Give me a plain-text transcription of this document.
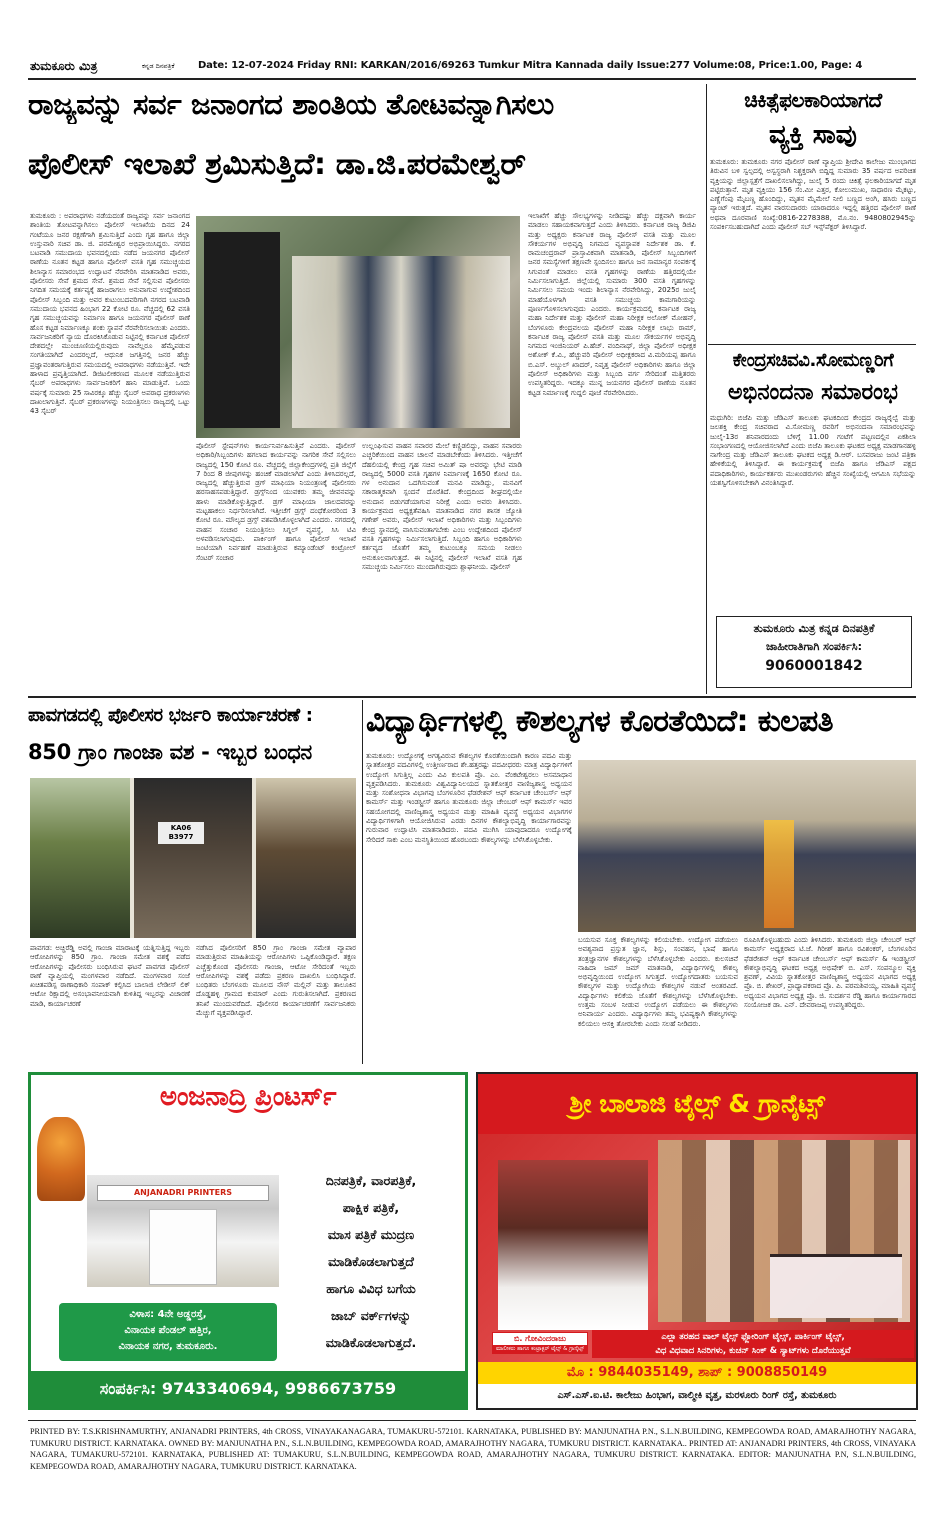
ತುಮಕೂರು ಮಿತ್ರ	ಕನ್ನಡ ದಿನಪತ್ರಿಕೆ Date: 12-07-2024 Friday RNI: KARKAN/2016/69263 Tumkur Mitra Kannada daily Issue:277 Volume:08, Price:1.00, Page: 4
ರಾಜ್ಯವನ್ನು ಸರ್ವ ಜನಾಂಗದ ಶಾಂತಿಯ ತೋಟವನ್ನಾಗಿಸಲು
ಪೊಲೀಸ್ ಇಲಾಖೆ ಶ್ರಮಿಸುತ್ತಿದೆ: ಡಾ.ಜಿ.ಪರಮೇಶ್ವರ್
ತುಮಕೂರು : ಅಪರಾಧಗಳು ನಡೆಯದಂತೆ ರಾಜ್ಯವನ್ನು ಸರ್ವ ಜನಾಂಗದ ಶಾಂತಿಯ ತೋಟವನ್ನಾಗಿಸಲು ಪೊಲೀಸ್ ಇಲಾಖೆಯ ದಿನದ 24 ಗಂಟೆಯೂ ಜನರ ರಕ್ಷಣೆಗಾಗಿ ಶ್ರಮಿಸುತ್ತಿದೆ ಎಂದು ಗೃಹ ಹಾಗೂ ಜಿಲ್ಲಾ ಉಸ್ತುವಾರಿ ಸಚಿವ ಡಾ. ಜಿ. ಪರಮೇಶ್ವರ ಅಭಿಪ್ರಾಯಿಸಿದ್ದರು. ನಗರದ ಬಟವಾಡಿ ಸಮುದಾಯ ಭವನದಲ್ಲಿಂದು ನಡೆದ ಜಯನಗರ ಪೊಲೀಸ್ ಠಾಣೆಯ ನೂತನ ಕಟ್ಟಡ ಹಾಗೂ ಪೊಲೀಸ್ ವಸತಿ ಗೃಹ ಸಮುಚ್ಚಯದ ಶಿಲಾನ್ಯಾಸ ಸಮಾರಂಭದ ಉದ್ಘಾಟನೆ ನೆರವೇರಿಸಿ ಮಾತನಾಡಿದ ಅವರು, ಪೊಲೀಸರು ಸೇವೆ ಶ್ರಮದ ಸೇವೆ. ಶ್ರಮದ ಸೇವೆ ಸಲ್ಲಿಸುವ ಪೊಲೀಸರು ನಿಗದಿತ ಸಮಯಕ್ಕೆ ಕರ್ತವ್ಯಕ್ಕೆ ಹಾಜರಾಗಲು ಅನುವಾಗುವ ಉದ್ದೇಶದಿಂದ ಪೊಲೀಸ್ ಸಿಬ್ಬಂದಿ ಮತ್ತು ಅವರ ಕುಟುಂಬದವರಿಗಾಗಿ ನಗರದ ಬಟವಾಡಿ ಸಮುದಾಯ ಭವನದ ಹಿಂಭಾಗ 22 ಕೋಟಿ ರೂ. ವೆಚ್ಚದಲ್ಲಿ 62 ವಸತಿ ಗೃಹ ಸಮುಚ್ಚಯವನ್ನು ನಿರ್ಮಾಣ ಹಾಗೂ ಜಯನಗರ ಪೊಲೀಸ್ ಠಾಣೆ ಹೊಸ ಕಟ್ಟಡ ನಿರ್ಮಾಣಕ್ಕೂ ಶಂಕು ಸ್ಥಾಪನೆ ನೆರವೇರಿಸಲಾಯಿತು ಎಂದರು. ಸಾರ್ವಜನಿಕರಿಗೆ ನ್ಯಾಯ ದೊರಕಿಸಿಕೊಡುವ ನಿಟ್ಟಿನಲ್ಲಿ ಕರ್ನಾಟಕ ಪೊಲೀಸ್ ದೇಶದಲ್ಲೇ ಮುಂಚೂಣಿಯಲ್ಲಿರುವುದು ನಾವೆಲ್ಲರೂ ಹೆಮ್ಮೆಪಡುವ ಸಂಗತಿಯಾಗಿದೆ ಎಂದರಲ್ಲದೆ, ಆಧುನಿಕ ಜಗತ್ತಿನಲ್ಲಿ ಜನರ ಹೆಚ್ಚು ಪ್ರಜ್ಞಾವಂತರಾಗುತ್ತಿರುವ ಸಮಯದಲ್ಲಿ ಅಪರಾಧಗಳು ನಡೆಯುತ್ತಿವೆ. ಇದೇ ಹಾಳಾದ ಪ್ರವೃತ್ತಿಯಾಗಿದೆ. ಡಿಜಿಟಲೀಕರಣದ ಮೂಲಕ ನಡೆಯುತ್ತಿರುವ ಸೈಬರ್ ಅಪರಾಧಗಳು ಸಾರ್ವಜನಿಕರಿಗೆ ಹಾನಿ ಮಾಡುತ್ತಿವೆ. ಒಂದು ವರ್ಷಕ್ಕೆ ಸುಮಾರು 25 ಸಾವಿರಕ್ಕೂ ಹೆಚ್ಚು ಸೈಬರ್ ಅಪರಾಧ ಪ್ರಕರಣಗಳು ದಾಖಲಾಗುತ್ತಿವೆ. ಸೈಬರ್ ಪ್ರಕರಣಗಳನ್ನು ನಿಯಂತ್ರಿಸಲು ರಾಜ್ಯದಲ್ಲಿ ಒಟ್ಟು 43 ಸೈಬರ್
ಪೊಲೀಸ್ ಸ್ಟೇಷನ್‌ಗಳು ಕಾರ್ಯನಿರ್ವಹಿಸುತ್ತಿವೆ ಎಂದರು. ಪೊಲೀಸ್ ಅಧಿಕಾರಿ/ಸಿಬ್ಬಂದಿಗಳು ಹಗಲಾದ ಕಾರ್ಯವನ್ನು ನಾಗರಿಕ ಸೇವೆ ಸಲ್ಲಿಸಲು ರಾಜ್ಯದಲ್ಲಿ 150 ಕೋಟಿ ರೂ. ವೆಚ್ಚದಲ್ಲಿ ಜಿಲ್ಲಾಕೇಂದ್ರಗಳಲ್ಲಿ ಪ್ರತಿ ಜಿಲ್ಲೆಗೆ 7 ರಿಂದ 8 ಜೀಪುಗಳನ್ನು ಹಂಚಿಕೆ ಮಾಡಲಾಗಿದೆ ಎಂದು ತಿಳಿಸಿದರಲ್ಲದೆ, ರಾಜ್ಯದಲ್ಲಿ ಹೆಚ್ಚುತ್ತಿರುವ ಡ್ರಗ್ ಮಾಫಿಯಾ ನಿಯಂತ್ರಣಕ್ಕೆ ಪೊಲೀಸರು ಹರಸಾಹಸಪಡುತ್ತಿದ್ದಾರೆ. ಡ್ರಗ್ಸ್‌ನಿಂದ ಯುವಕರು ತಮ್ಮ ಜೀವನವನ್ನು ಹಾಳು ಮಾಡಿಕೊಳ್ಳುತ್ತಿದ್ದಾರೆ. ಡ್ರಗ್ ಮಾಫಿಯಾ ಜಾಲದವರನ್ನು ಮಟ್ಟಹಾಕಲು ನಿರ್ಧರಿಸಲಾಗಿದೆ. ಇತ್ತೀಚೆಗೆ ಡ್ರಗ್ಸ್ ದಂಧೆಕೋರರಿಂದ 3 ಕೋಟಿ ರೂ. ಮೌಲ್ಯದ ಡ್ರಗ್ಸ್ ವಶಪಡಿಸಿಕೊಳ್ಳಲಾಗಿದೆ ಎಂದರು. ನಗರದಲ್ಲಿ ವಾಹನ ಸಂಚಾರ ನಿಯಂತ್ರಿಸಲು ಸಿಗ್ನಲ್ ವ್ಯವಸ್ಥೆ, ಸಿಸಿ ಟಿವಿ ಅಳವಡಿಸಲಾಗುವುದು. ಪಾರ್ಕಿಂಗ್ ಹಾಗೂ ಪೊಲೀಸ್ ಇಲಾಖೆ ಜಂಟಿಯಾಗಿ ನಿರ್ವಹಣೆ ಮಾಡುತ್ತಿರುವ ಕಮ್ಯಾಂಡೆಂಟ್ ಕಂಟ್ರೋಲ್ ಸೆಂಟರ್ ಸಂಚಾರ
ಉಲ್ಲಂಘಿಸುವ ವಾಹನ ಸವಾರರ ಮೇಲೆ ಕಣ್ಣಿಡಲಿದ್ದು, ವಾಹನ ಸವಾರರು ಎಚ್ಚರಿಕೆಯಿಂದ ವಾಹನ ಚಾಲನೆ ಮಾಡಬೇಕೆಂದು ತಿಳಿಸಿದರು. ಇತ್ತೀಚೆಗೆ ದೆಹಲಿಯಲ್ಲಿ ಕೇಂದ್ರ ಗೃಹ ಸಚಿವ ಅಮಿತ್ ಷಾ ಅವರನ್ನು ಭೇಟಿ ಮಾಡಿ ರಾಜ್ಯದಲ್ಲಿ 5000 ವಸತಿ ಗೃಹಗಳ ನಿರ್ಮಾಣಕ್ಕೆ 1650 ಕೋಟಿ ರೂ. ಗಳ ಅನುದಾನ ಒದಗಿಸುವಂತೆ ಮನವಿ ಮಾಡಿದ್ದು, ಮನವಿಗೆ ಸಕಾರಾತ್ಮಕವಾಗಿ ಸ್ಪಂದನೆ ದೊರೆತಿದೆ. ಕೇಂದ್ರದಿಂದ ಶೀಘ್ರದಲ್ಲಿಯೇ ಅನುದಾನ ಬಿಡುಗಡೆಯಾಗುವ ನಿರೀಕ್ಷೆ ಎಂದು ಅವರು ತಿಳಿಸಿದರು. ಕಾರ್ಯಕ್ರಮದ ಅಧ್ಯಕ್ಷತೆವಹಿಸಿ ಮಾತನಾಡಿದ ನಗರ ಶಾಸಕ ಜ್ಯೋತಿ ಗಣೇಶ್ ಅವರು, ಪೊಲೀಸ್ ಇಲಾಖೆ ಅಧಿಕಾರಿಗಳು ಮತ್ತು ಸಿಬ್ಬಂದಿಗಳು ಕೇಂದ್ರ ಸ್ಥಾನದಲ್ಲಿ ವಾಸಿಸುವಂತಾಗಬೇಕು ಎಂಬ ಉದ್ದೇಶದಿಂದ ಪೊಲೀಸ್ ವಸತಿ ಗೃಹಗಳನ್ನು ನಿರ್ಮಿಸಲಾಗುತ್ತಿದೆ. ಸಿಬ್ಬಂದಿ ಹಾಗೂ ಅಧಿಕಾರಿಗಳು ಕರ್ತವ್ಯದ ಜೊತೆಗೆ ತಮ್ಮ ಕುಟುಂಬಕ್ಕೂ ಸಮಯ ನೀಡಲು ಅನುಕೂಲವಾಗುತ್ತದೆ. ಈ ನಿಟ್ಟಿನಲ್ಲಿ ಪೊಲೀಸ್ ಇಲಾಖೆ ವಸತಿ ಗೃಹ ಸಮುಚ್ಚಯ ನಿರ್ಮಿಸಲು ಮುಂದಾಗಿರುವುದು ಶ್ಲಾಘನೀಯ. ಪೊಲೀಸ್
ಇಲಾಖೆಗೆ ಹೆಚ್ಚು ಸೌಲಭ್ಯಗಳನ್ನು ನೀಡಿದಷ್ಟು ಹೆಚ್ಚು ದಕ್ಷವಾಗಿ ಕಾರ್ಯ ಮಾಡಲು ಸಹಾಯಕವಾಗುತ್ತದೆ ಎಂದು ತಿಳಿಸಿದರು. ಕರ್ನಾಟಕ ರಾಜ್ಯ ಡಿಜಿಪಿ ಮತ್ತು ಅಧ್ಯಕ್ಷರು ಕರ್ನಾಟಕ ರಾಜ್ಯ ಪೊಲೀಸ್ ವಸತಿ ಮತ್ತು ಮೂಲ ಸೌಕರ್ಯಗಳ ಅಭಿವೃದ್ಧಿ ನಿಗಮದ ವ್ಯವಸ್ಥಾಪಕ ನಿರ್ದೇಶಕ ಡಾ. ಕೆ. ರಾಮಚಂದ್ರರಾವ್ ಪ್ರಾಸ್ತಾವಿಕವಾಗಿ ಮಾತನಾಡಿ, ಪೊಲೀಸ್ ಸಿಬ್ಬಂದಿಗಳಿಗೆ ಜನರ ಸಮಸ್ಯೆಗಳಿಗೆ ತಕ್ಷಣವೇ ಸ್ಪಂದಿಸಲು ಹಾಗೂ ಜನ ಸಾಮಾನ್ಯರ ಸಂಪರ್ಕಕ್ಕೆ ಸಿಗುವಂತೆ ಮಾಡಲು ವಸತಿ ಗೃಹಗಳನ್ನು ಠಾಣೆಯ ಹತ್ತಿರದಲ್ಲಿಯೇ ನಿರ್ಮಿಸಲಾಗುತ್ತಿದೆ. ಜಿಲ್ಲೆಯಲ್ಲಿ ಸುಮಾರು 300 ವಸತಿ ಗೃಹಗಳನ್ನು ನಿರ್ಮಿಸಲು ಸಮಯ ಇಂದು ಶಿಲಾನ್ಯಾಸ ನೆರವೇರಿಸಿದ್ದು, 2025ರ ಜುಲೈ ಮಾಹೆಯೊಳಗಾಗಿ ವಸತಿ ಸಮುಚ್ಚಯ ಕಾಮಗಾರಿಯನ್ನು ಪೂರ್ಣಗೊಳಿಸಲಾಗುವುದು ಎಂದರು. ಕಾರ್ಯಕ್ರಮದಲ್ಲಿ ಕರ್ನಾಟಕ ರಾಜ್ಯ ಮಹಾ ನಿರ್ದೇಶಕ ಮತ್ತು ಪೊಲೀಸ್ ಮಹಾ ನಿರೀಕ್ಷಕ ಅಲೋಕ್ ಮೋಹನ್, ಬೆಂಗಳೂರು ಕೇಂದ್ರವಲಯ ಪೊಲೀಸ್ ಮಹಾ ನಿರೀಕ್ಷಕ ಲಾಭು ರಾಮ್, ಕರ್ನಾಟಕ ರಾಜ್ಯ ಪೊಲೀಸ್ ವಸತಿ ಮತ್ತು ಮೂಲ ಸೌಕರ್ಯಗಳ ಅಭಿವೃದ್ಧಿ ನಿಗಮದ ಇಂಜಿನಿಯರ್ ಪಿ.ಹೆಚ್. ವಂದಿನಾಥ್, ಜಿಲ್ಲಾ ಪೊಲೀಸ್ ಅಧೀಕ್ಷಕ ಅಶೋಕ್ ಕೆ.ವಿ., ಹೆಚ್ಚುವರಿ ಪೊಲೀಸ್ ಅಧೀಕ್ಷಕರಾದ ವಿ.ಮರಿಯಪ್ಪ ಹಾಗೂ ಬಿ.ಎಸ್. ಅಬ್ದುಲ್ ಖಾದರ್, ನಿವೃತ್ತ ಪೊಲೀಸ್ ಅಧಿಕಾರಿಗಳು ಹಾಗೂ ಜಿಲ್ಲಾ ಪೊಲೀಸ್ ಅಧಿಕಾರಿಗಳು ಮತ್ತು ಸಿಬ್ಬಂದಿ ವರ್ಗ ಸೇರಿದಂತೆ ಮತ್ತಿತರರು ಉಪಸ್ಥಿತರಿದ್ದರು. ಇದಕ್ಕೂ ಮುನ್ನ ಜಯನಗರ ಪೊಲೀಸ್ ಠಾಣೆಯ ನೂತನ ಕಟ್ಟಡ ನಿರ್ಮಾಣಕ್ಕೆ ಗುದ್ದಲಿ ಪೂಜೆ ನೆರವೇರಿಸಿದರು.
ಚಿಕಿತ್ಸೆಫಲಕಾರಿಯಾಗದೆ
ವ್ಯಕ್ತಿ ಸಾವು
ತುಮಕೂರು: ತುಮಕೂರು ನಗರ ಪೊಲೀಸ್ ಠಾಣೆ ವ್ಯಾಪ್ತಿಯ ಶ್ರೀದೇವಿ ಕಾಲೇಜು ಮುಂಭಾಗದ ತಿರುವಿನ ಬಳಿ ಸ್ವಲ್ಪದಲ್ಲಿ ಅಸ್ವಸ್ಥರಾಗಿ ನಿಶ್ಚಕ್ತರಾಗಿ ಬಿದ್ದಿದ್ದ ಸುಮಾರು 35 ವರ್ಷದ ಅಪರಿಚಿತ ವ್ಯಕ್ತಿಯನ್ನು ಜಿಲ್ಲಾಸ್ಪತ್ರೆಗೆ ದಾಖಲಿಸಲಾಗಿದ್ದು, ಜುಲೈ 5 ರಂದು ಚಿಕಿತ್ಸೆ ಫಲಕಾರಿಯಾಗದೆ ಮೃತ ಪಟ್ಟಿರುತ್ತಾನೆ. ಮೃತ ವ್ಯಕ್ತಿಯು 156 ಸೆಂ.ಮೀ ಎತ್ತರ, ಕೋಲುಮುಖ, ಸಾಧಾರಣ ಮೈಕಟ್ಟು, ಎಣ್ಣೆಗೆಂಪು ಮೈಬಣ್ಣ ಹೊಂದಿದ್ದು, ಮೃತನ ಮೈಮೇಲೆ ನೀಲಿ ಬಣ್ಣದ ಅಂಗಿ, ಹಸಿರು ಬಣ್ಣದ ಪ್ಯಾಂಟ್ ಇರುತ್ತದೆ. ಮೃತನ ವಾರಸುದಾರರು ಯಾರಾದರೂ ಇದ್ದಲ್ಲಿ ಹತ್ತಿರದ ಪೊಲೀಸ್ ಠಾಣೆ ಅಥವಾ ದೂರವಾಣಿ ಸಂಖ್ಯೆ:0816-2278388, ಮೊ.ನಂ. 9480802945ನ್ನು ಸಂಪರ್ಕಿಸಬಹುದಾಗಿದೆ ಎಂದು ಪೊಲೀಸ್ ಸಬ್ ಇನ್ಸ್‌ಪೆಕ್ಟರ್ ತಿಳಿಸಿದ್ದಾರೆ.
ಕೇಂದ್ರಸಚಿವವಿ.ಸೋಮಣ್ಣರಿಗೆ
ಅಭಿನಂದನಾ ಸಮಾರಂಭ
ಮಧುಗಿರಿ: ಬಿಜೆಪಿ ಮತ್ತು ಜೆಡಿಎಸ್ ತಾಲೂಕು ಘಟಕದಿಂದ ಕೇಂದ್ರದ ರಾಜ್ಯರೈಲ್ವೆ ಮತ್ತು ಜಲಶಕ್ತಿ ಕೇಂದ್ರ ಸಚಿವರಾದ ವಿ.ಸೋಮಣ್ಣ ರವರಿಗೆ ಅಭಿನಂದನಾ ಸಮಾರಂಭವನ್ನು ಜುಲೈ-13ರ ಶನಿವಾರದಂದು ಬೆಳಿಗ್ಗೆ 11.00 ಗಂಟೆಗೆ ಪಟ್ಟಣದಲ್ಲಿನ ಏಕಶಿಲಾ ಸಂಭಾಂಗಣದಲ್ಲಿ ಆಯೋಜಿಸಲಾಗಿದೆ ಎಂದು ಬಿಜೆಪಿ ತಾಲೂಕು ಘಟಕದ ಅಧ್ಯಕ್ಷ ಮಾಡಗಾನಹಳ್ಳಿ ನಾಗೇಂದ್ರ ಮತ್ತು ಜೆಡಿಎಸ್ ತಾಲೂಕು ಘಟಕದ ಅಧ್ಯಕ್ಷ ಡಿ.ಆರ್. ಬಸವರಾಜು ಜಂಟಿ ಪತ್ರಿಕಾ ಹೇಳಿಕೆಯಲ್ಲಿ ತಿಳಿಸಿದ್ದಾರೆ. ಈ ಕಾರ್ಯಕ್ರಮಕ್ಕೆ ಬಿಜೆಪಿ ಹಾಗೂ ಜೆಡಿಎಸ್ ಪಕ್ಷದ ಪದಾಧಿಕಾರಿಗಳು, ಕಾರ್ಯಕರ್ತರು ಮುಖಂಡರುಗಳು ಹೆಚ್ಚಿನ ಸಂಖ್ಯೆಯಲ್ಲಿ ಆಗಮಿಸಿ ಸಭೆಯನ್ನು ಯಶಸ್ವಿಗೊಳಿಸಬೇಕಾಗಿ ವಿನಂತಿಸಿದ್ದಾರೆ.
ತುಮಕೂರು ಮಿತ್ರ ಕನ್ನಡ ದಿನಪತ್ರಿಕೆ
ಜಾಹೀರಾತಿಗಾಗಿ ಸಂಪರ್ಕಿಸಿ:
9060001842
ಪಾವಗಡದಲ್ಲಿ ಪೊಲೀಸರ ಭರ್ಜರಿ ಕಾರ್ಯಾಚರಣೆ :
850 ಗ್ರಾಂ ಗಾಂಜಾ ವಶ - ಇಬ್ಬರ ಬಂಧನ
KA06 B3977
ಪಾವಗಡ: ಅಚ್ಚಿರೆಡ್ಡಿ ಅವಲ್ಲಿ ಗಾಂಜಾ ಮಾರಾಟಕ್ಕೆ ಯತ್ನಿಸುತ್ತಿದ್ದ ಇಬ್ಬರು ಆರೋಪಿಗಳನ್ನು 850 ಗ್ರಾಂ. ಗಾಂಜಾ ಸಮೇತ ವಶಕ್ಕೆ ಪಡೆದ ಆರೋಪಿಗಳನ್ನು ಪೊಲೀಸರು ಬಂಧಿಸಿರುವ ಘಟನೆ ಪಾವಗಡ ಪೊಲೀಸ್ ಠಾಣೆ ವ್ಯಾಪ್ತಿಯಲ್ಲಿ ಮಂಗಳವಾರ ನಡೆದಿದೆ. ಮಂಗಳವಾರ ಸಂಜೆ ಖಚಿತಪಡಿಸ್ಪ ಠಾಣಾಧಿಕಾರಿ ಸಂಪಾಕ್ ಕಲ್ಪಿಸಿದ ಬಾಲಾಜಿ ಲೇಡೀಸ್ ಲಿಕ್ ಆಟೋ ರಿಕ್ಷಾದಲ್ಲಿ ಅಸಂಭಾವನೀಯವಾಗಿ ಕುಳಿತಿದ್ದ ಇಬ್ಬರನ್ನು ವಿಚಾರಣೆ ಮಾಡಿ, ಕಾರ್ಯಾಚರಣೆ
ನಡೆಸಿದ ಪೊಲೀಸರಿಗೆ 850 ಗ್ರಾಂ ಗಾಂಜಾ ಸಮೇತ ವ್ಯಾಪಾರ ಮಾಡುತ್ತಿರುವ ಮಾಹಿತಿಯನ್ನು ಆರೋಪಿಗಳು ಒಪ್ಪಿಕೊಂಡಿದ್ದಾರೆ. ತಕ್ಷಣ ಎಚ್ಚೆತ್ತುಕೊಂಡ ಪೊಲೀಸರು ಗಾಂಜಾ, ಆಟೋ ಸೇರಿದಂತೆ ಇಬ್ಬರು ಆರೋಪಿಗಳನ್ನು ವಶಕ್ಕೆ ಪಡೆದು ಪ್ರಕರಣ ದಾಖಲಿಸಿ ಬಂಧಿಸಿದ್ದಾರೆ. ಬಂಧಿತರು ಬೆಂಗಳೂರು ಮೂಲದ ನೌಸ್ ಮಲ್ಲಿನ್ ಮತ್ತು ತಾಲೂಕಿನ ದೊಡ್ಡಹಳ್ಳಿ ಗ್ರಾಮದ ಕುಮಾರ್ ಎಂದು ಗುರುತಿಸಲಾಗಿದೆ. ಪ್ರಕರಣದ ತನಿಖೆ ಮುಂದುವರೆದಿದೆ. ಪೊಲೀಸರ ಕಾರ್ಯಾಚರಣೆಗೆ ಸಾರ್ವಜನಿಕರು ಮೆಚ್ಚುಗೆ ವ್ಯಕ್ತಪಡಿಸಿದ್ದಾರೆ.
ವಿದ್ಯಾರ್ಥಿಗಳಲ್ಲಿ ಕೌಶಲ್ಯಗಳ ಕೊರತೆಯಿದೆ: ಕುಲಪತಿ
ತುಮಕೂರು: ಉದ್ಯೋಗಕ್ಕೆ ಅಗತ್ಯವಿರುವ ಕೌಶಲ್ಯಗಳ ಕೊರತೆಯಿಂದಾಗಿ ಕಾರಣ ಪದವಿ ಮತ್ತು ಸ್ನಾತಕೋತ್ತರ ಪದವಿಗಳಲ್ಲಿ ಉತ್ತೀರ್ಣರಾದ ಶೇ.ಹತ್ತರಷ್ಟು ಪದವೀಧರರು ಮಾತ್ರ ವಿದ್ಯಾರ್ಥಿಗಳಿಗೆ ಉದ್ಯೋಗ ಸಿಗುತ್ತಿಲ್ಲ ಎಂದು ವಿವಿ ಕುಲಪತಿ ಪ್ರೊ. ಎಂ. ವೆಂಕಟೇಶ್ವರಲು ಅಸಮಾಧಾನ ವ್ಯಕ್ತಪಡಿಸಿದರು. ತುಮಕೂರು ವಿಶ್ವವಿದ್ಯಾನಿಲಯದ ಸ್ನಾತಕೋತ್ತರ ವಾಣಿಜ್ಯಶಾಸ್ತ್ರ ಅಧ್ಯಯನ ಮತ್ತು ಸಂಶೋಧನಾ ವಿಭಾಗವು ಬೆಂಗಳೂರಿನ ಫೆಡರೇಶನ್ ಆಫ್ ಕರ್ನಾಟಕ ಚೇಂಬರ್ಸ್ ಆಫ್ ಕಾಮರ್ಸ್ ಮತ್ತು ಇಂಡಸ್ಟ್ರೀಸ್ ಹಾಗೂ ತುಮಕೂರು ಜಿಲ್ಲಾ ಚೇಂಬರ್ ಆಫ್ ಕಾಮರ್ಸ್ ಇವರ ಸಹಯೋಗದಲ್ಲಿ ವಾಣಿಜ್ಯಶಾಸ್ತ್ರ ಅಧ್ಯಯನ ಮತ್ತು ಮಾಹಿತಿ ವ್ಯವಸ್ಥೆ ಅಧ್ಯಯನ ವಿಭಾಗಗಳ ವಿದ್ಯಾರ್ಥಿಗಳಿಗಾಗಿ ಆಯೋಜಿಸಿರುವ ಎರಡು ದಿನಗಳ ಕೌಶಲ್ಯಾಭಿವೃದ್ಧಿ ಕಾರ್ಯಾಗಾರವನ್ನು ಗುರುವಾರ ಉದ್ಘಾಟಿಸಿ ಮಾತನಾಡಿದರು. ಪದವಿ ಮುಗಿಸಿ ಯಾವುದಾದರೂ ಉದ್ಯೋಗಕ್ಕೆ ಸೇರಿದರೆ ಸಾಕು ಎಂಬ ಮನಸ್ಥಿತಿಯಿಂದ ಹೊರಬಂದು ಕೌಶಲ್ಯಗಳನ್ನು ಬೆಳೆಸಿಕೊಳ್ಳಬೇಕು.
ಬಯಸುವ ಸೂಕ್ತ ಕೌಶಲ್ಯಗಳನ್ನು ಕಲಿಯಬೇಕು. ಉದ್ಯೋಗ ಪಡೆಯಲು ಅವಶ್ಯವಾದ ಪ್ರಸ್ತುತ ಜ್ಞಾನ, ಶಿಸ್ತು, ಸಂವಹನ, ಭಾಷೆ ಹಾಗೂ ತಂತ್ರಜ್ಞಾನಗಳ ಕೌಶಲ್ಯಗಳನ್ನು ಬೆಳೆಸಿಕೊಳ್ಳಬೇಕು ಎಂದರು. ಕುಲಸಚಿವೆ ನಾಹಿದಾ ಜಮ್ ಜಮ್ ಮಾತನಾಡಿ, ವಿದ್ಯಾರ್ಥಿಗಳಲ್ಲಿ ಕೌಶಲ್ಯ ಅಭಿವೃದ್ಧಿಯಿಂದ ಉದ್ಯೋಗ ಸಿಗುತ್ತದೆ. ಉದ್ಯೋಗದಾತರು ಬಯಸುವ ಕೌಶಲ್ಯಗಳ ಮತ್ತು ಉದ್ಯೋಗಿಯ ಕೌಶಲ್ಯಗಳ ನಡುವೆ ಅಂತರವಿದೆ. ವಿದ್ಯಾರ್ಥಿಗಳು ಕಲಿಕೆಯ ಜೊತೆಗೆ ಕೌಶಲ್ಯಗಳನ್ನು ಬೆಳೆಸಿಕೊಳ್ಳಬೇಕು. ಉತ್ತಮ ಸಂಬಳ ನೀಡುವ ಉದ್ಯೋಗ ಪಡೆಯಲು ಈ ಕೌಶಲ್ಯಗಳು ಅನಿವಾರ್ಯ ಎಂದರು. ವಿದ್ಯಾರ್ಥಿಗಳು ತಮ್ಮ ಭವಿಷ್ಯಕ್ಕಾಗಿ ಕೌಶಲ್ಯಗಳನ್ನು ಕಲಿಯಲು ಆಸಕ್ತಿ ತೋರಬೇಕು ಎಂದು ಸಲಹೆ ನೀಡಿದರು.
ರೂಪಿಸಿಕೊಳ್ಳಬಹುದು ಎಂದು ತಿಳಿಸಿದರು. ತುಮಕೂರು ಜಿಲ್ಲಾ ಚೇಂಬರ್ ಆಫ್ ಕಾಮರ್ಸ್ ಅಧ್ಯಕ್ಷರಾದ ಟಿ.ಜೆ. ಗಿರೀಶ್ ಹಾಗೂ ರವಿಶಂಕರ್, ಬೆಂಗಳೂರಿನ ಫೆಡರೇಶನ್ ಆಫ್ ಕರ್ನಾಟಕ ಚೇಂಬರ್ಸ್ ಆಫ್ ಕಾಮರ್ಸ್ & ಇಂಡಸ್ಟ್ರೀಸ್ ಕೌಶಲ್ಯಾಭಿವೃದ್ಧಿ ಘಟಕದ ಅಧ್ಯಕ್ಷ ಅಭಿಷೇಕ್ ಬಿ. ಎಸ್. ಸಂಪನ್ಮೂಲ ವ್ಯಕ್ತಿ ಶ್ರವಣ್, ವಿವಿಯ ಸ್ನಾತಕೋತ್ತರ ವಾಣಿಜ್ಯಶಾಸ್ತ್ರ ಅಧ್ಯಯನ ವಿಭಾಗದ ಅಧ್ಯಕ್ಷ ಪ್ರೊ. ಬಿ. ಶೇಖರ್, ಪ್ರಾಧ್ಯಾಪಕರಾದ ಪ್ರೊ. ಪಿ. ಪರಮಶಿವಯ್ಯ, ಮಾಹಿತಿ ವ್ಯವಸ್ಥೆ ಅಧ್ಯಯನ ವಿಭಾಗದ ಅಧ್ಯಕ್ಷ ಪ್ರೊ. ಜಿ. ಸುದರ್ಶನ ರೆಡ್ಡಿ ಹಾಗೂ ಕಾರ್ಯಾಗಾರದ ಸಂಯೋಜಕ ಡಾ. ಎನ್. ದೇವರಾಜಪ್ಪ ಉಪಸ್ಥಿತರಿದ್ದರು.
ಅಂಜನಾದ್ರಿ ಪ್ರಿಂಟರ್ಸ್
ANJANADRI PRINTERS
ವಿಳಾಸ: 4ನೇ ಅಡ್ಡರಸ್ತೆ,
ವಿನಾಯಕ ಪೆಂಡಲ್ ಹತ್ತಿರ,
ವಿನಾಯಕ ನಗರ, ತುಮಕೂರು.
ದಿನಪತ್ರಿಕೆ, ವಾರಪತ್ರಿಕೆ,
ಪಾಕ್ಷಿಕ ಪತ್ರಿಕೆ,
ಮಾಸ ಪತ್ರಿಕೆ ಮುದ್ರಣ
ಮಾಡಿಕೊಡಲಾಗುತ್ತದೆ
ಹಾಗೂ ವಿವಿಧ ಬಗೆಯ
ಜಾಬ್ ವರ್ಕ್‌ಗಳನ್ನು
ಮಾಡಿಕೊಡಲಾಗುತ್ತದೆ.
ಸಂಪರ್ಕಿಸಿ: 9743340694, 9986673759
ಶ್ರೀ ಬಾಲಾಜಿ ಟೈಲ್ಸ್ & ಗ್ರಾನೈಟ್ಸ್
ಬಿ. ಗೋವಿಂದರಾಜು
ಮಾಲೀಕರು ಹಾಗೂ ಕಂಟ್ರಾಕ್ಟರ್ ಟೈಲ್ಸ್ & ಗ್ರಾನೈಟ್ಸ್
ಎಲ್ಲಾ ತರಹದ ವಾಲ್ ಟೈಲ್ಸ್ ಫ್ಲೋರಿಂಗ್ ಟೈಲ್ಸ್, ಪಾರ್ಕಿಂಗ್ ಟೈಲ್ಸ್,
ವಿಧ ವಿಧವಾದ ಸಿನರಿಗಳು, ಕುಚನ್ ಸಿಂಕ್ & ಸ್ಯಾಟ್‌ಗಳು ದೊರೆಯುತ್ತವೆ
ಮೊ : 9844035149, ಶಾಪ್ : 9008850149
ಎಸ್.ಎಸ್.ಐ.ಟಿ. ಕಾಲೇಜು ಹಿಂಭಾಗ, ವಾಲ್ಮೀಕಿ ವೃತ್ತ, ಮರಳೂರು ರಿಂಗ್ ರಸ್ತೆ, ತುಮಕೂರು
PRINTED BY: T.S.KRISHNAMURTHY, ANJANADRI PRINTERS, 4th CROSS, VINAYAKANAGARA, TUMAKURU-572101. KARNATAKA, PUBLISHED BY: MANJUNATHA P.N., S.L.N.BUILDING, KEMPEGOWDA ROAD, AMARAJHOTHY NAGARA, TUMKURU DISTRICT. KARNATAKA. OWNED BY: MANJUNATHA P.N., S.L.N.BUILDING, KEMPEGOWDA ROAD, AMARAJHOTHY NAGARA, TUMKURU DISTRICT. KARNATAKA.. PRINTED AT: ANJANADRI PRINTERS, 4th CROSS, VINAYAKA NAGARA, TUMAKURU-572101. KARNATAKA, PUBLISHED AT: TUMAKURU, S.L.N.BUILDING, KEMPEGOWDA ROAD, AMARAJHOTHY NAGARA, TUMKURU DISTRICT. KARNATAKA. EDITOR: MANJUNATHA P.N, S.L.N.BUILDING, KEMPEGOWDA ROAD, AMARAJHOTHY NAGARA, TUMKURU DISTRICT. KARNATAKA.
